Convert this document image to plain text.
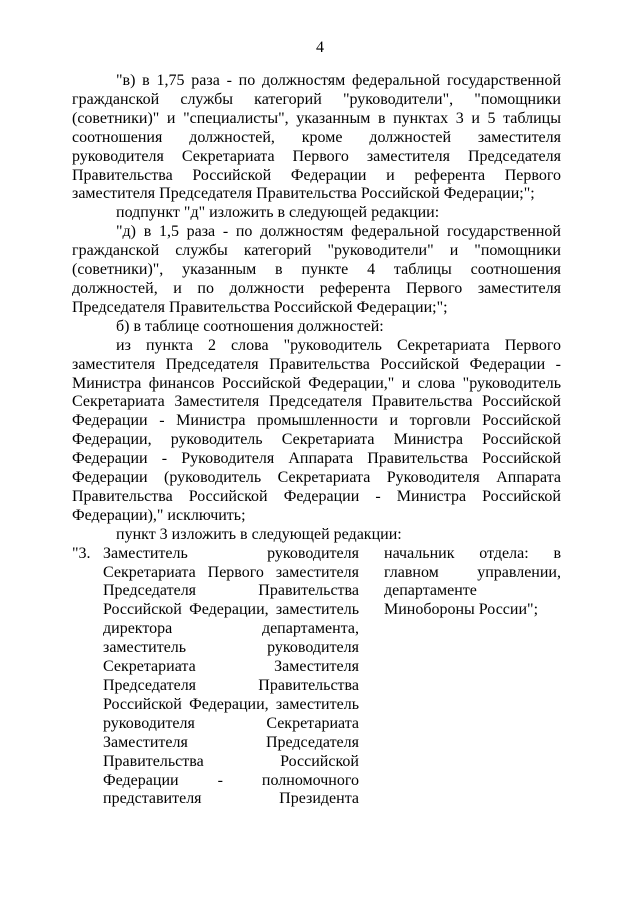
4

"в) в 1,75 раза - по должностям федеральной государственной гражданской службы категорий "руководители", "помощники (советники)" и "специалисты", указанным в пунктах 3 и 5 таблицы соотношения должностей, кроме должностей заместителя руководителя Секретариата Первого заместителя Председателя Правительства Российской Федерации и референта Первого заместителя Председателя Правительства Российской Федерации;";

подпункт "д" изложить в следующей редакции:

"д) в 1,5 раза - по должностям федеральной государственной гражданской службы категорий "руководители" и "помощники (советники)", указанным в пункте 4 таблицы соотношения должностей, и по должности референта Первого заместителя Председателя Правительства Российской Федерации;";

б) в таблице соотношения должностей:

из пункта 2 слова "руководитель Секретариата Первого заместителя Председателя Правительства Российской Федерации - Министра финансов Российской Федерации," и слова "руководитель Секретариата Заместителя Председателя Правительства Российской Федерации - Министра промышленности и торговли Российской Федерации, руководитель Секретариата Министра Российской Федерации - Руководителя Аппарата Правительства Российской Федерации (руководитель Секретариата Руководителя Аппарата Правительства Российской Федерации - Министра Российской Федерации)," исключить;

пункт 3 изложить в следующей редакции:

"3. Заместитель руководителя
Секретариата Первого заместителя
Председателя Правительства
Российской Федерации, заместитель
директора департамента,
заместитель руководителя
Секретариата Заместителя
Председателя Правительства
Российской Федерации, заместитель
руководителя Секретариата
Заместителя Председателя
Правительства Российской
Федерации - полномочного
представителя Президента
начальник отдела: в
главном управлении,
департаменте
Минобороны России";
